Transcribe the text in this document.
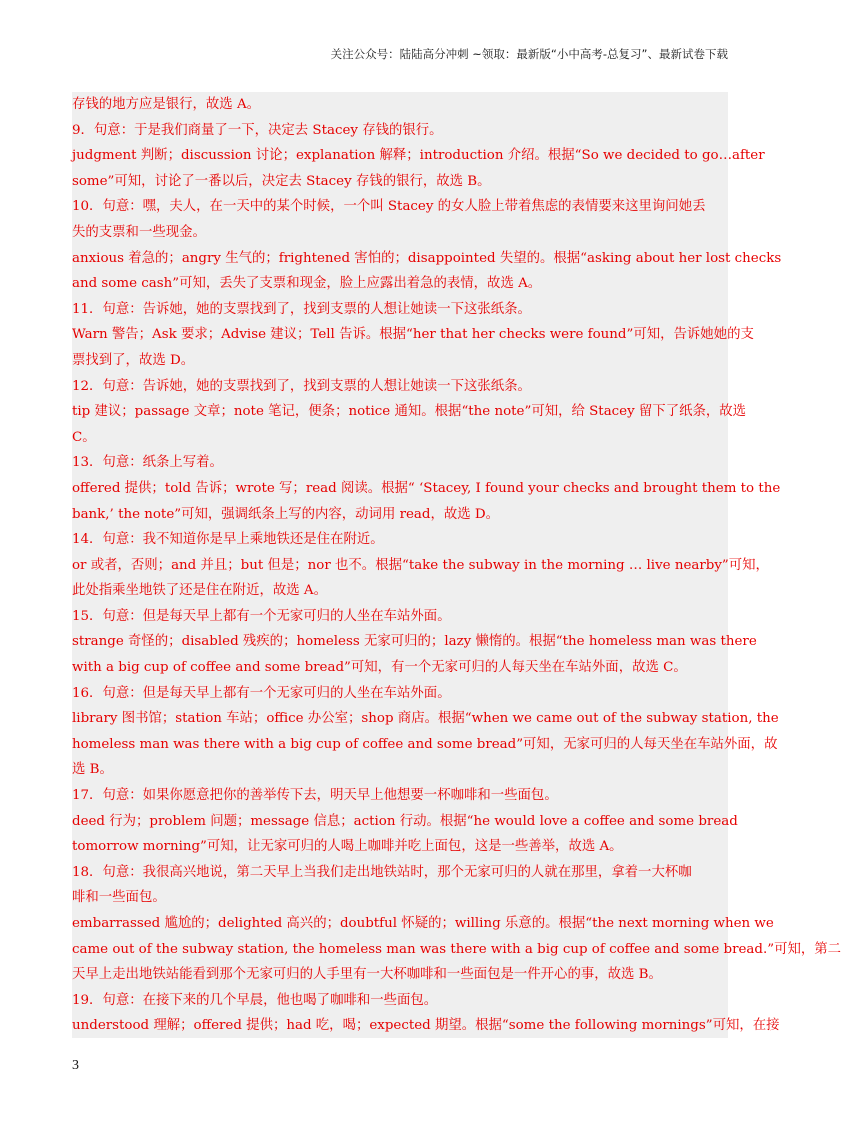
关注公众号：陆陆高分冲刺 ~领取：最新版“小中高考-总复习”、最新试卷下载
存钱的地方应是银行，故选 A。
9．句意：于是我们商量了一下，决定去 Stacey 存钱的银行。
judgment 判断；discussion 讨论；explanation 解释；introduction 介绍。根据“So we decided to go…after
some”可知，讨论了一番以后，决定去 Stacey 存钱的银行，故选 B。
10．句意：嘿，夫人，在一天中的某个时候，一个叫 Stacey 的女人脸上带着焦虑的表情要来这里询问她丢
失的支票和一些现金。
anxious 着急的；angry 生气的；frightened 害怕的；disappointed 失望的。根据“asking about her lost checks
and some cash”可知，丢失了支票和现金，脸上应露出着急的表情，故选 A。
11．句意：告诉她，她的支票找到了，找到支票的人想让她读一下这张纸条。
Warn 警告；Ask 要求；Advise 建议；Tell 告诉。根据“her that her checks were found”可知，告诉她她的支
票找到了，故选 D。
12．句意：告诉她，她的支票找到了，找到支票的人想让她读一下这张纸条。
tip 建议；passage 文章；note 笔记，便条；notice 通知。根据“the note”可知，给 Stacey 留下了纸条，故选
C。
13．句意：纸条上写着。
offered 提供；told 告诉；wrote 写；read 阅读。根据“ ‘Stacey, I found your checks and brought them to the
bank,’ the note”可知，强调纸条上写的内容，动词用 read，故选 D。
14．句意：我不知道你是早上乘地铁还是住在附近。
or 或者，否则；and 并且；but 但是；nor 也不。根据“take the subway in the morning … live nearby”可知，
此处指乘坐地铁了还是住在附近，故选 A。
15．句意：但是每天早上都有一个无家可归的人坐在车站外面。
strange 奇怪的；disabled 残疾的；homeless 无家可归的；lazy 懒惰的。根据“the homeless man was there
with a big cup of coffee and some bread”可知，有一个无家可归的人每天坐在车站外面，故选 C。
16．句意：但是每天早上都有一个无家可归的人坐在车站外面。
library 图书馆；station 车站；office 办公室；shop 商店。根据“when we came out of the subway station, the
homeless man was there with a big cup of coffee and some bread”可知，无家可归的人每天坐在车站外面，故
选 B。
17．句意：如果你愿意把你的善举传下去，明天早上他想要一杯咖啡和一些面包。
deed 行为；problem 问题；message 信息；action 行动。根据“he would love a coffee and some bread
tomorrow morning”可知，让无家可归的人喝上咖啡并吃上面包，这是一些善举，故选 A。
18．句意：我很高兴地说，第二天早上当我们走出地铁站时，那个无家可归的人就在那里，拿着一大杯咖
啡和一些面包。
embarrassed 尴尬的；delighted 高兴的；doubtful 怀疑的；willing 乐意的。根据“the next morning when we
came out of the subway station, the homeless man was there with a big cup of coffee and some bread.”可知，第二
天早上走出地铁站能看到那个无家可归的人手里有一大杯咖啡和一些面包是一件开心的事，故选 B。
19．句意：在接下来的几个早晨，他也喝了咖啡和一些面包。
understood 理解；offered 提供；had 吃，喝；expected 期望。根据“some the following mornings”可知，在接
3
